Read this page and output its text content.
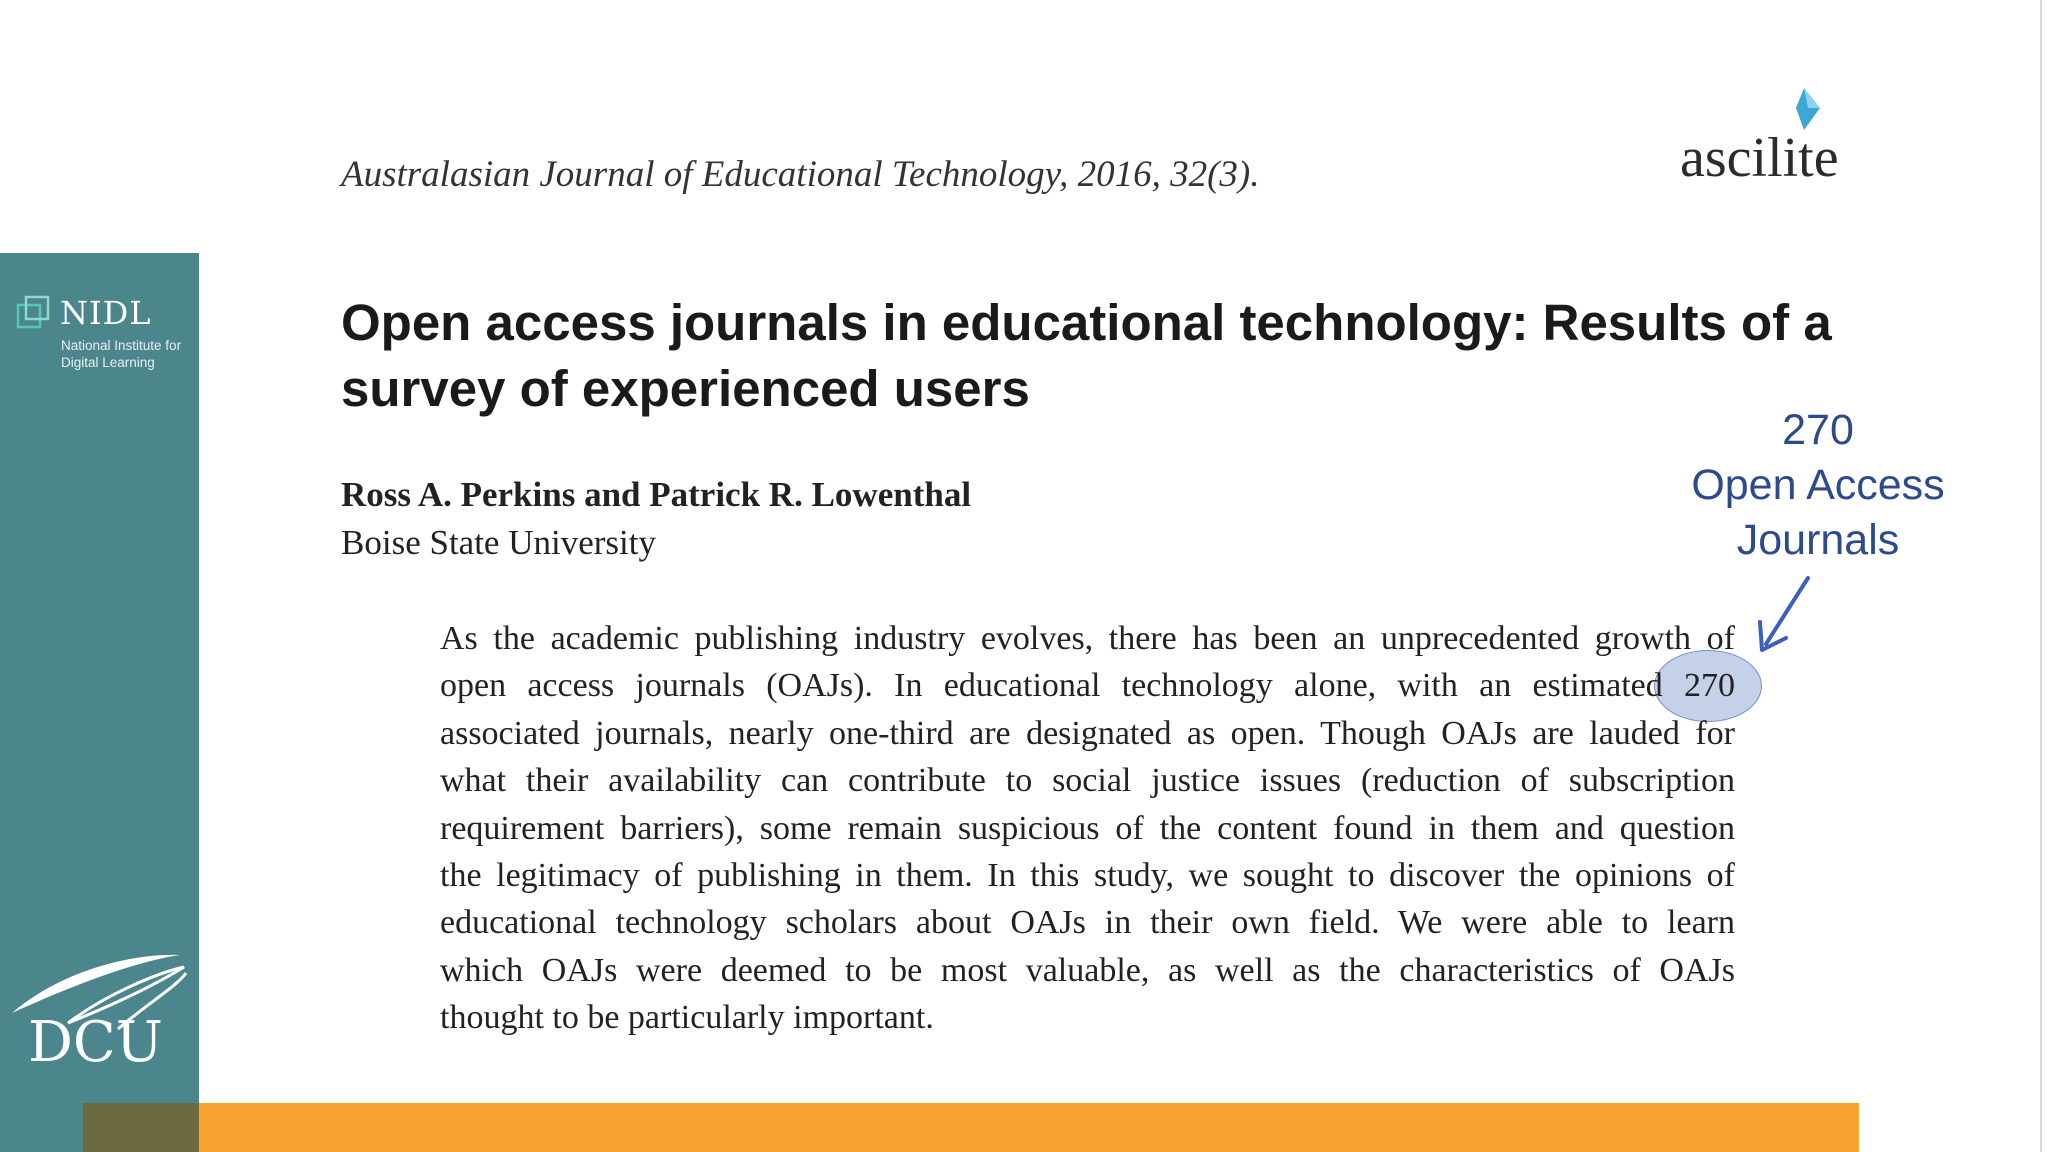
NIDL
National Institute for Digital Learning
DCU
Australasian Journal of Educational Technology, 2016, 32(3).	ascilite
Open access journals in educational technology: Results of a survey of experienced users
Ross A. Perkins and Patrick R. Lowenthal
Boise State University
As the academic publishing industry evolves, there has been an unprecedented growth of
open access journals (OAJs). In educational technology alone, with an estimated 270
associated journals, nearly one-third are designated as open. Though OAJs are lauded for
what their availability can contribute to social justice issues (reduction of subscription
requirement barriers), some remain suspicious of the content found in them and question
the legitimacy of publishing in them. In this study, we sought to discover the opinions of
educational technology scholars about OAJs in their own field. We were able to learn
which OAJs were deemed to be most valuable, as well as the characteristics of OAJs
thought to be particularly important.
270
Open Access
Journals
